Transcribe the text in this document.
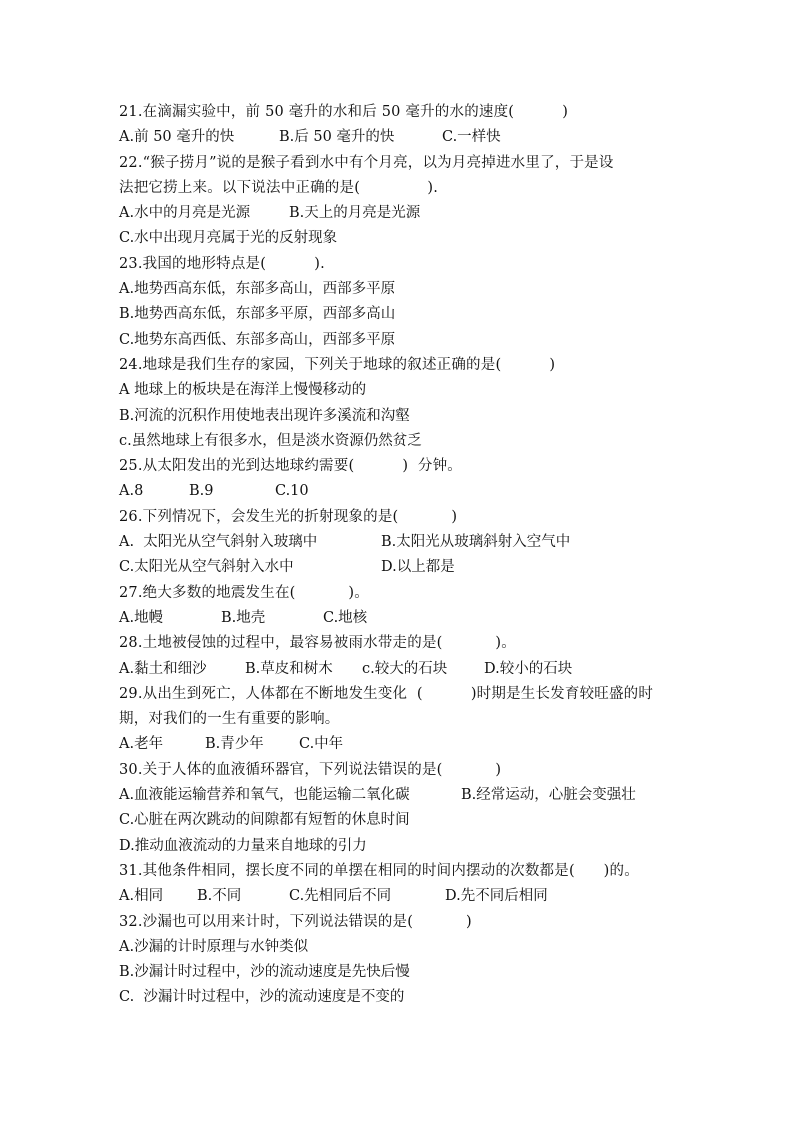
21.在滴漏实验中，前 50 毫升的水和后 50 毫升的水的速度(          )
A.前 50 毫升的快	B.后 50 毫升的快	C.一样快
22.“猴子捞月”说的是猴子看到水中有个月亮，以为月亮掉进水里了，于是设
法把它捞上来。以下说法中正确的是(              ).
A.水中的月亮是光源	B.天上的月亮是光源
C.水中出现月亮属于光的反射现象
23.我国的地形特点是(          ).
A.地势西高东低，东部多高山，西部多平原
B.地势西高东低，东部多平原，西部多高山
C.地势东高西低、东部多高山，西部多平原
24.地球是我们生存的家园，下列关于地球的叙述正确的是(          )
A 地球上的板块是在海洋上慢慢移动的
B.河流的沉积作用使地表出现许多溪流和沟壑
c.虽然地球上有很多水，但是淡水资源仍然贫乏
25.从太阳发出的光到达地球约需要(          )  分钟。
A.8	B.9	C.10
26.下列情况下，会发生光的折射现象的是(           )
A.  太阳光从空气斜射入玻璃中	B.太阳光从玻璃斜射入空气中
C.太阳光从空气斜射入水中	D.以上都是
27.绝大多数的地震发生在(           )。
A.地幔	B.地壳	C.地核
28.土地被侵蚀的过程中，最容易被雨水带走的是(           )。
A.黏土和细沙	B.草皮和树木 c.较大的石块	D.较小的石块
29.从出生到死亡，人体都在不断地发生变化  (          )时期是生长发育较旺盛的时
期，对我们的一生有重要的影响。
A.老年	B.青少年 C.中年
30.关于人体的血液循环器官，下列说法错误的是(           )
A.血液能运输营养和氧气，也能运输二氧化碳	B.经常运动，心脏会变强壮
C.心脏在两次跳动的间隙都有短暂的休息时间
D.推动血液流动的力量来自地球的引力
31.其他条件相同，摆长度不同的单摆在相同的时间内摆动的次数都是(      )的。
A.相同 B.不同	C.先相同后不同	D.先不同后相同
32.沙漏也可以用来计时，下列说法错误的是(           )
A.沙漏的计时原理与水钟类似
B.沙漏计时过程中，沙的流动速度是先快后慢
C.  沙漏计时过程中，沙的流动速度是不变的
